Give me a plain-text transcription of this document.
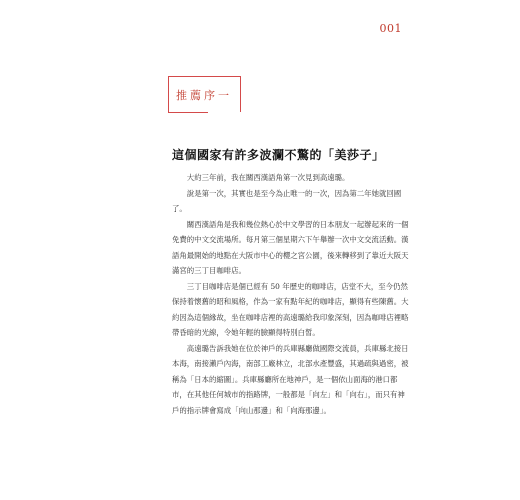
001
推薦序一
這個國家有許多波瀾不驚的「美莎子」

大約三年前，我在關西漢語角第一次見到高遠璐。

說是第一次，其實也是至今為止唯一的一次，因為第二年她就回國了。

關西漢語角是我和幾位熱心於中文學習的日本朋友一起辦起來的一個免費的中文交流場所。每月第三個星期六下午舉辦一次中文交流活動。漢語角最開始的地點在大阪市中心的櫻之宮公園，後來轉移到了靠近大阪天滿宮的三丁目咖啡店。

三丁目咖啡店是個已經有 50 年歷史的咖啡店，店堂不大，至今仍然保持着懷舊的昭和風格，作為一家有點年紀的咖啡店，顯得有些陳舊。大約因為這個緣故，坐在咖啡店裡的高遠璐給我印象深刻，因為咖啡店裡略帶昏暗的光線，令她年輕的臉顯得特別白皙。

高遠璐告訴我她在位於神戶的兵庫縣廳做國際交流員，兵庫縣北接日本海，南接瀨戶內海，南部工廠林立，北部水產豐盛，其過疏與過密，被稱為「日本的縮圖」。兵庫縣廳所在地神戶，是一個依山面海的港口都市，在其他任何城市的指路牌，一般都是「向左」和「向右」，而只有神戶的指示牌會寫成「向山那邊」和「向海那邊」。
